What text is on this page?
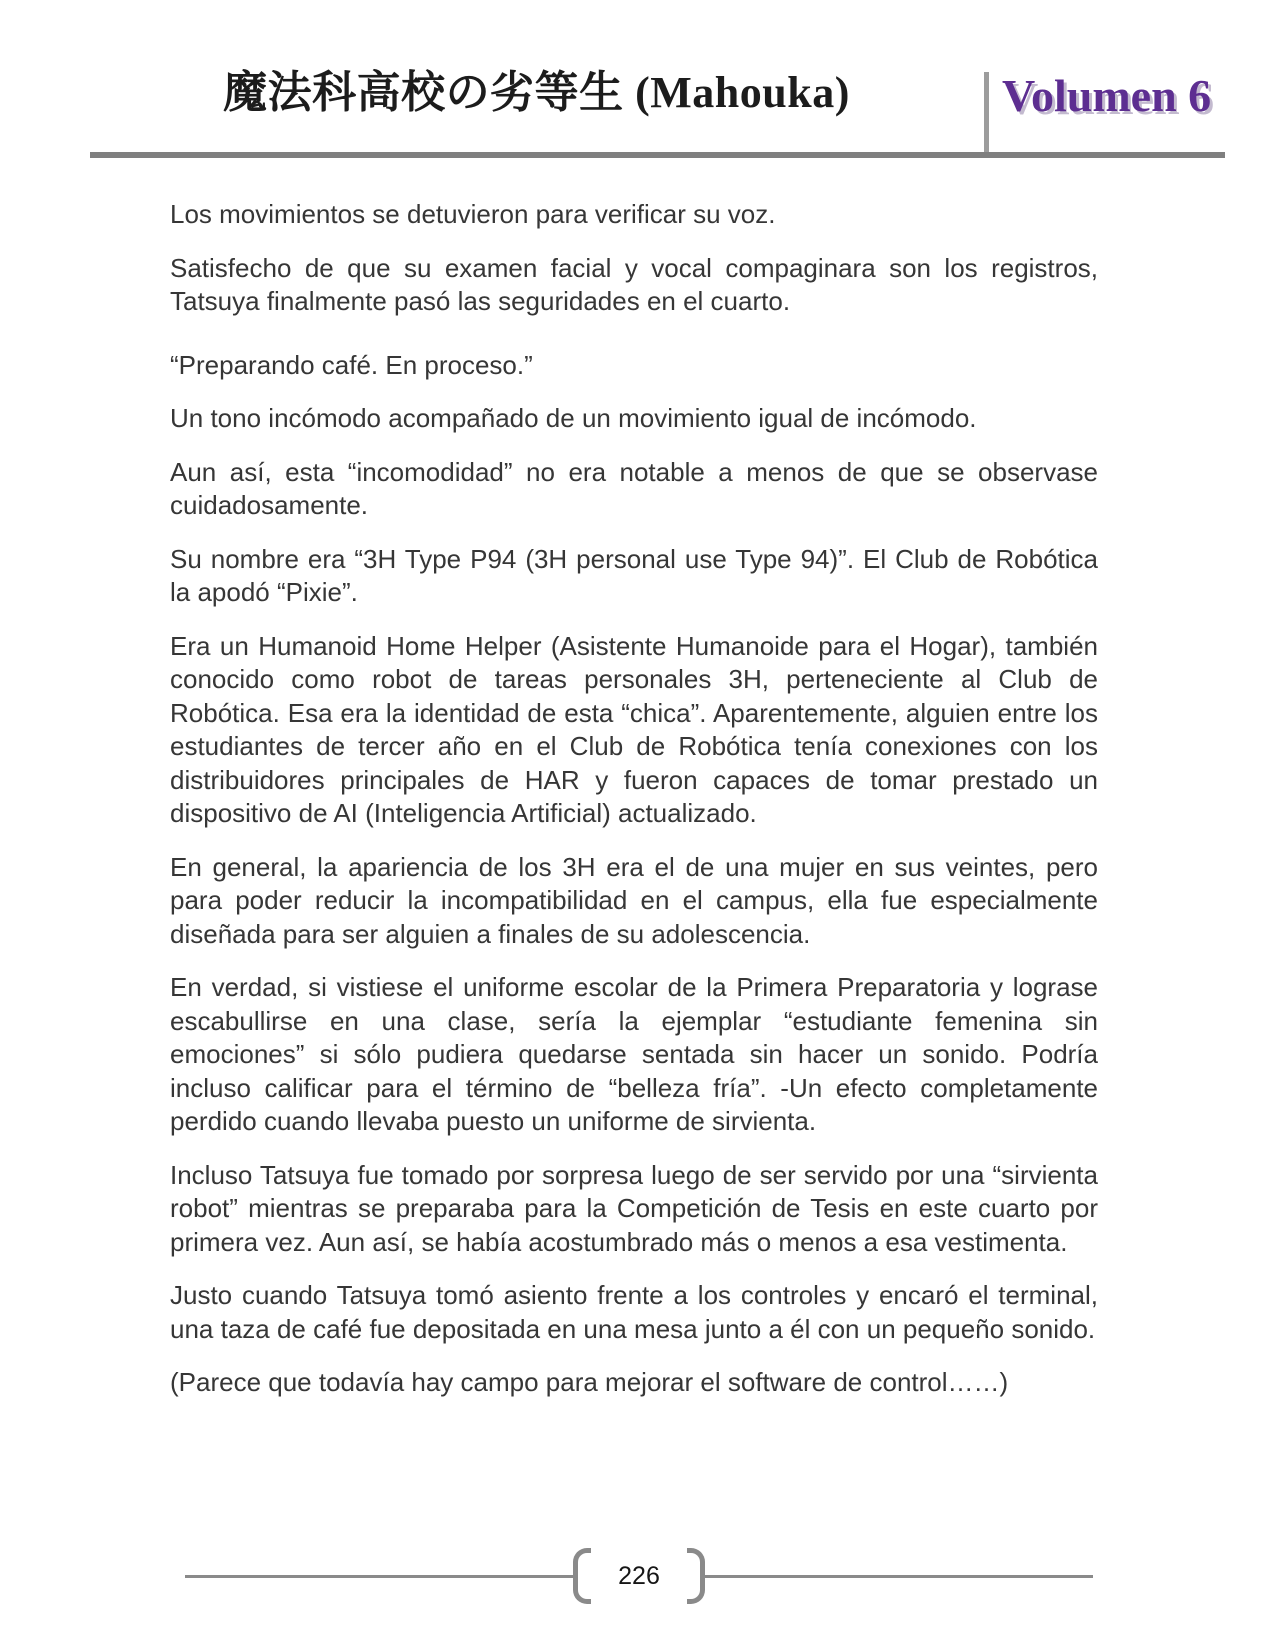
魔法科高校の劣等生 (Mahouka)	Volumen 6

Los movimientos se detuvieron para verificar su voz.

Satisfecho de que su examen facial y vocal compaginara son los registros, Tatsuya finalmente pasó las seguridades en el cuarto.

“Preparando café. En proceso.”

Un tono incómodo acompañado de un movimiento igual de incómodo.

Aun así, esta “incomodidad” no era notable a menos de que se observase cuidadosamente.

Su nombre era “3H Type P94 (3H personal use Type 94)”. El Club de Robótica la apodó “Pixie”.

Era un Humanoid Home Helper (Asistente Humanoide para el Hogar), también conocido como robot de tareas personales 3H, perteneciente al Club de Robótica. Esa era la identidad de esta “chica”. Aparentemente, alguien entre los estudiantes de tercer año en el Club de Robótica tenía conexiones con los distribuidores principales de HAR y fueron capaces de tomar prestado un dispositivo de AI (Inteligencia Artificial) actualizado.

En general, la apariencia de los 3H era el de una mujer en sus veintes, pero para poder reducir la incompatibilidad en el campus, ella fue especialmente diseñada para ser alguien a finales de su adolescencia.

En verdad, si vistiese el uniforme escolar de la Primera Preparatoria y lograse escabullirse en una clase, sería la ejemplar “estudiante femenina sin emociones” si sólo pudiera quedarse sentada sin hacer un sonido. Podría incluso calificar para el término de “belleza fría”. -Un efecto completamente perdido cuando llevaba puesto un uniforme de sirvienta.

Incluso Tatsuya fue tomado por sorpresa luego de ser servido por una “sirvienta robot” mientras se preparaba para la Competición de Tesis en este cuarto por primera vez. Aun así, se había acostumbrado más o menos a esa vestimenta.

Justo cuando Tatsuya tomó asiento frente a los controles y encaró el terminal, una taza de café fue depositada en una mesa junto a él con un pequeño sonido.

(Parece que todavía hay campo para mejorar el software de control……)

226
